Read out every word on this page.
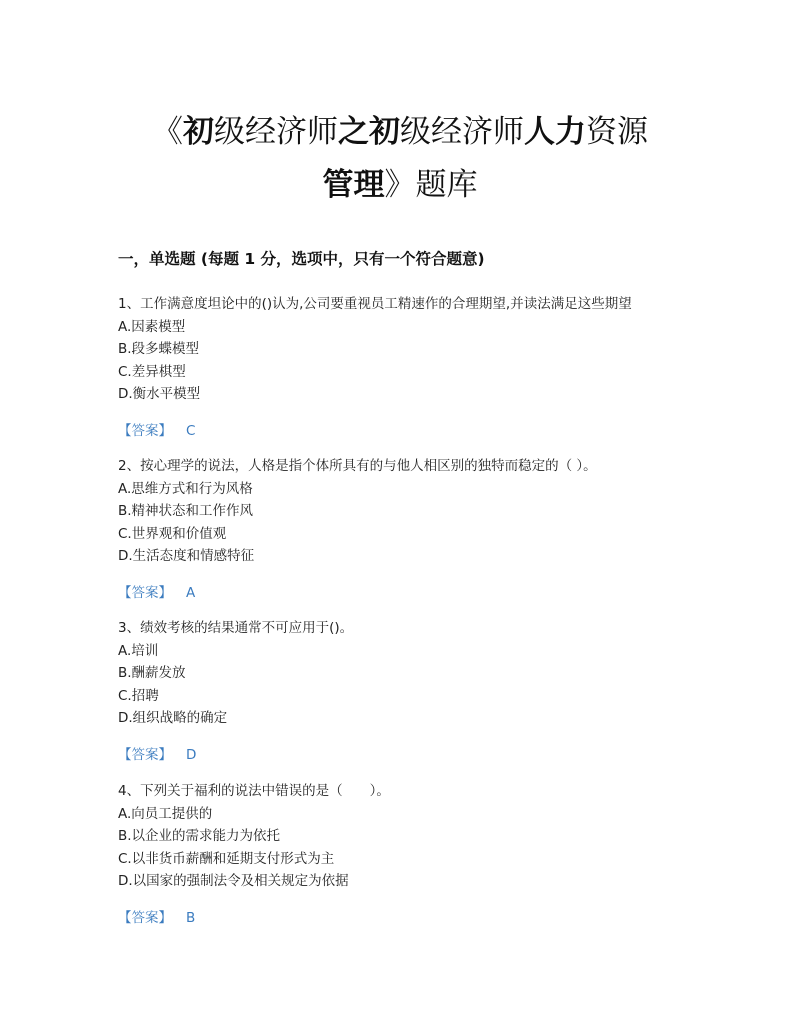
《初级经济师之初级经济师人力资源
管理》题库
一，单选题 (每题 1 分，选项中，只有一个符合题意)
1、工作满意度坦论中的()认为,公司要重视员工精速作的合理期望,并读法满足这些期望
A.因素模型
B.段多蝶模型
C.差异棋型
D.衡水平模型
【答案】 C
2、按心理学的说法，人格是指个体所具有的与他人相区别的独特而稳定的（ ）。
A.思维方式和行为风格
B.精神状态和工作作风
C.世界观和价值观
D.生活态度和情感特征
【答案】 A
3、绩效考核的结果通常不可应用于()。
A.培训
B.酬薪发放
C.招聘
D.组织战略的确定
【答案】 D
4、下列关于福利的说法中错误的是（　　）。
A.向员工提供的
B.以企业的需求能力为依托
C.以非货币薪酬和延期支付形式为主
D.以国家的强制法令及相关规定为依据
【答案】 B
